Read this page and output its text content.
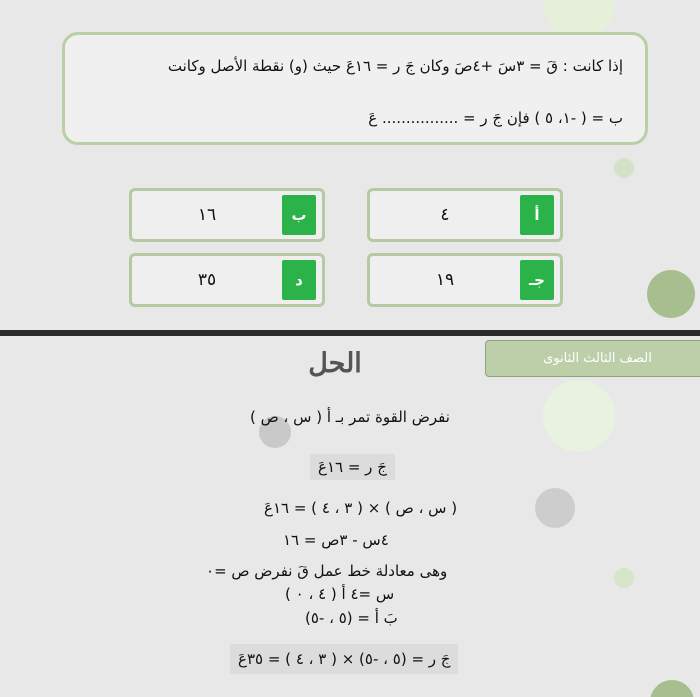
إذا كانت : قَ = ٣سَ +٤صَ وكان جَ ر = ١٦عَ حيث (و) نقطة الأصل وكانت
ب = ( -١، ٥ ) فإن جَ ر = ................ عَ
٤	أ
١٦	ب
١٩	جـ
٣٥	د
الصف الثالث الثانوى
الحل
نفرض القوة تمر بـ أ ( س ، ص )
جَ ر = ١٦عَ
( س ، ص ) × ( ٣ ، ٤ ) = ١٦عَ
٤س - ٣ص = ١٦
وهى معادلة خط عمل قَ نفرض ص =٠
س =٤ أ ( ٤ ، ٠ )
بَ أ = (٥ ، -٥)
جَ ر = (٥ ، -٥) × ( ٣ ، ٤ ) = ٣٥عَ
